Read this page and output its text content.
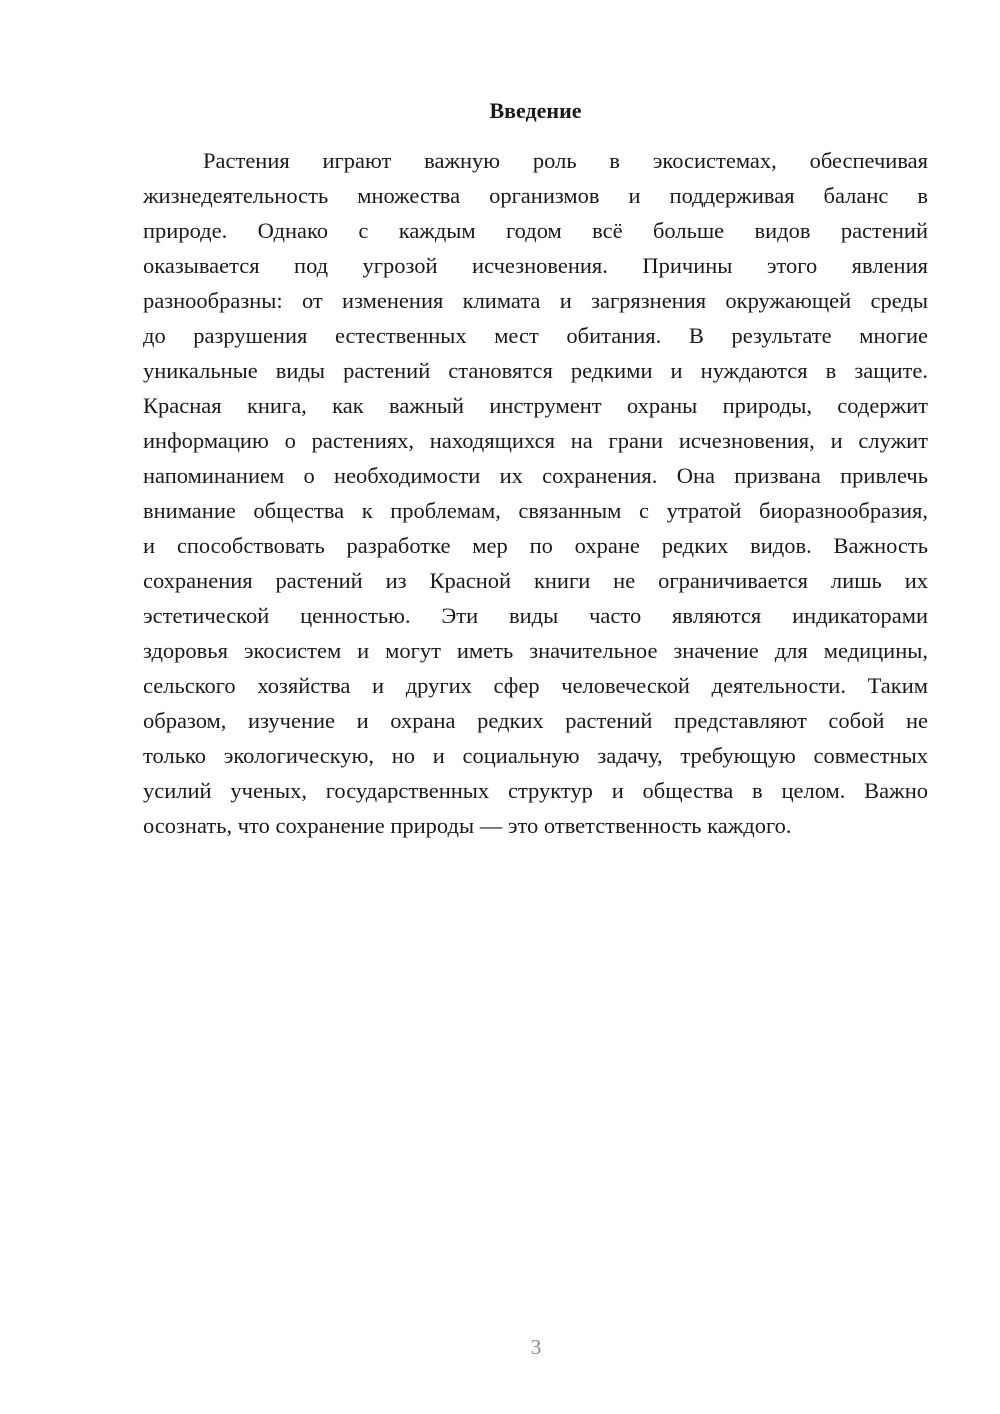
Введение
Растения играют важную роль в экосистемах, обеспечивая
жизнедеятельность множества организмов и поддерживая баланс в
природе. Однако с каждым годом всё больше видов растений
оказывается под угрозой исчезновения. Причины этого явления
разнообразны: от изменения климата и загрязнения окружающей среды
до разрушения естественных мест обитания. В результате многие
уникальные виды растений становятся редкими и нуждаются в защите.
Красная книга, как важный инструмент охраны природы, содержит
информацию о растениях, находящихся на грани исчезновения, и служит
напоминанием о необходимости их сохранения. Она призвана привлечь
внимание общества к проблемам, связанным с утратой биоразнообразия,
и способствовать разработке мер по охране редких видов. Важность
сохранения растений из Красной книги не ограничивается лишь их
эстетической ценностью. Эти виды часто являются индикаторами
здоровья экосистем и могут иметь значительное значение для медицины,
сельского хозяйства и других сфер человеческой деятельности. Таким
образом, изучение и охрана редких растений представляют собой не
только экологическую, но и социальную задачу, требующую совместных
усилий ученых, государственных структур и общества в целом. Важно
осознать, что сохранение природы — это ответственность каждого.
3
